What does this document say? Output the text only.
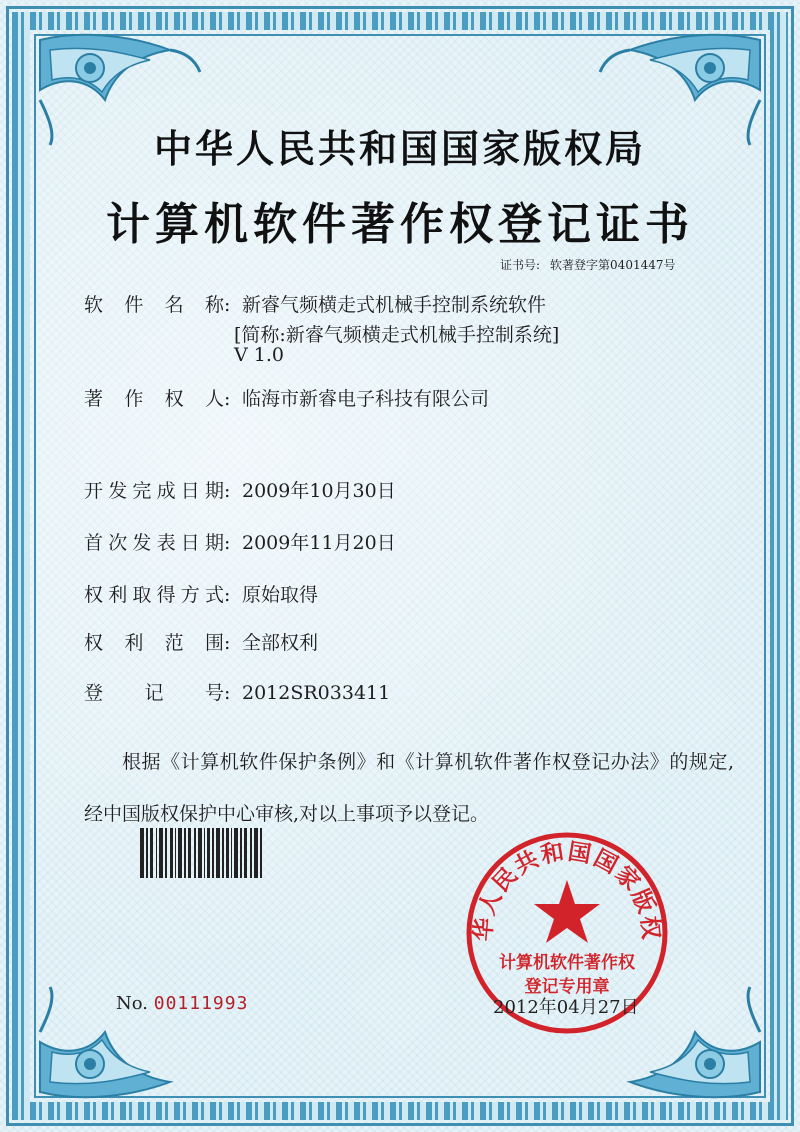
中华人民共和国国家版权局
计算机软件著作权登记证书
证书号: 软著登字第0401447号
软件名称: 新睿气频横走式机械手控制系统软件
[简称:新睿气频横走式机械手控制系统]
V 1.0
著作权人: 临海市新睿电子科技有限公司
开发完成日期: 2009年10月30日
首次发表日期: 2009年11月20日
权利取得方式: 原始取得
权利范围: 全部权利
登记号: 2012SR033411
根据《计算机软件保护条例》和《计算机软件著作权登记办法》的规定,经中国版权保护中心审核,对以上事项予以登记。
华人民共和国国家版权
计算机软件著作权
登记专用章
No. 00111993	2012年04月27日
